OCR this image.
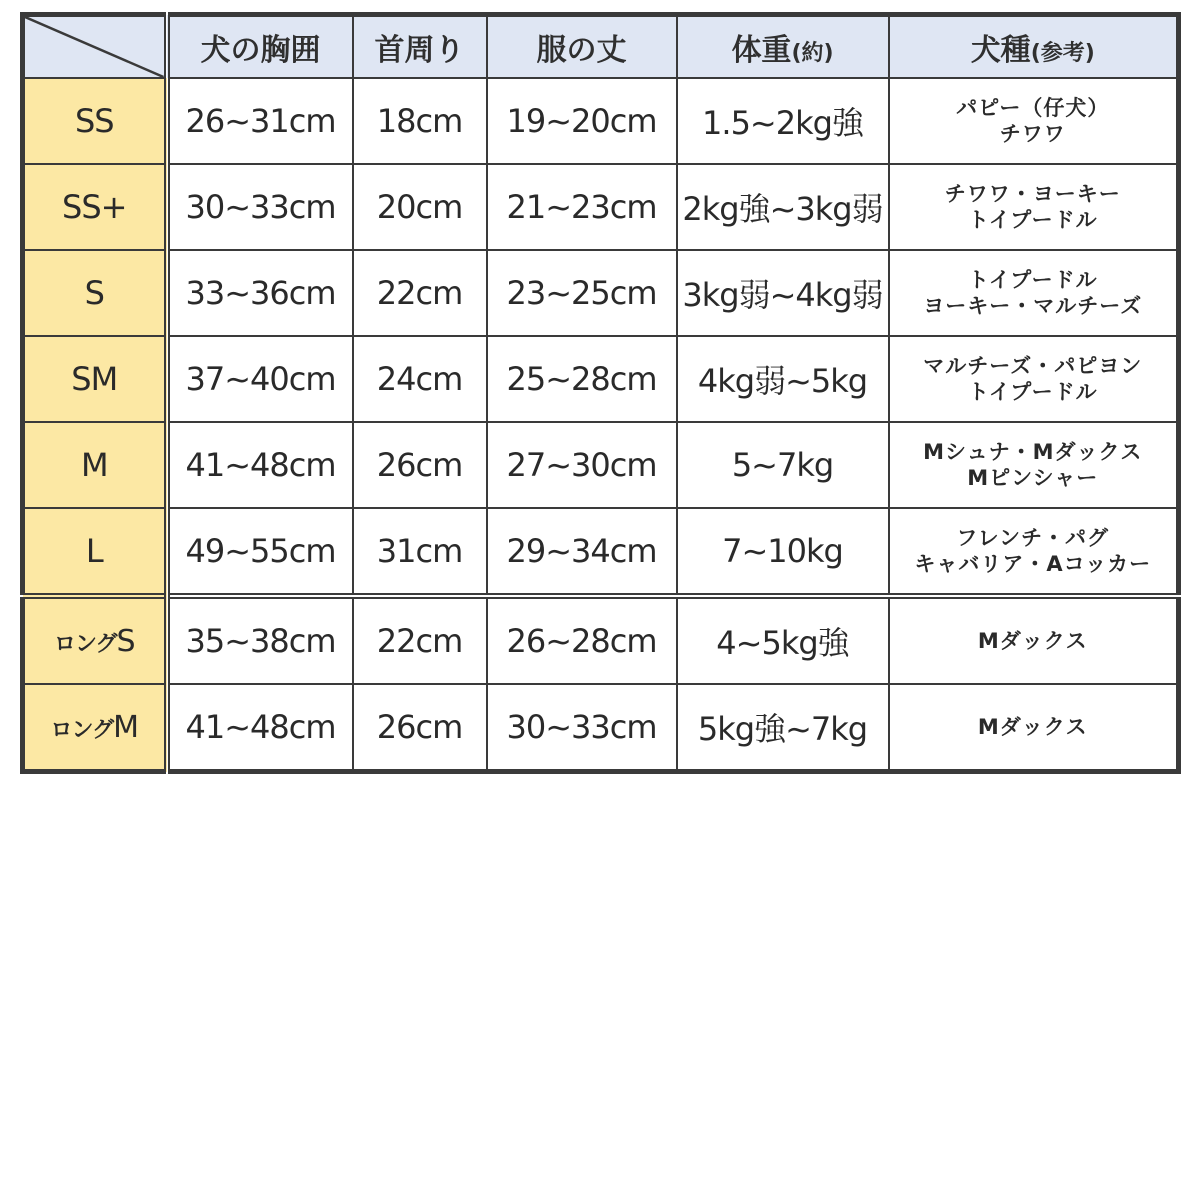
	犬の胸囲	首周り	服の丈	体重(約)	犬種(参考)
SS	26~31cm	18cm	19~20cm	1.5~2kg強	パピー（仔犬）
チワワ

SS+	30~33cm	20cm	21~23cm	2kg強~3kg弱	チワワ・ヨーキー
トイプードル

S	33~36cm	22cm	23~25cm	3kg弱~4kg弱	トイプードル
ヨーキー・マルチーズ

SM	37~40cm	24cm	25~28cm	4kg弱~5kg	マルチーズ・パピヨン
トイプードル

M	41~48cm	26cm	27~30cm	5~7kg	Mシュナ・Mダックス
Mピンシャー

L	49~55cm	31cm	29~34cm	7~10kg	フレンチ・パグ
キャバリア・Aコッカー

ロングS	35~38cm	22cm	26~28cm	4~5kg強	Mダックス

ロングM	41~48cm	26cm	30~33cm	5kg強~7kg	Mダックス
